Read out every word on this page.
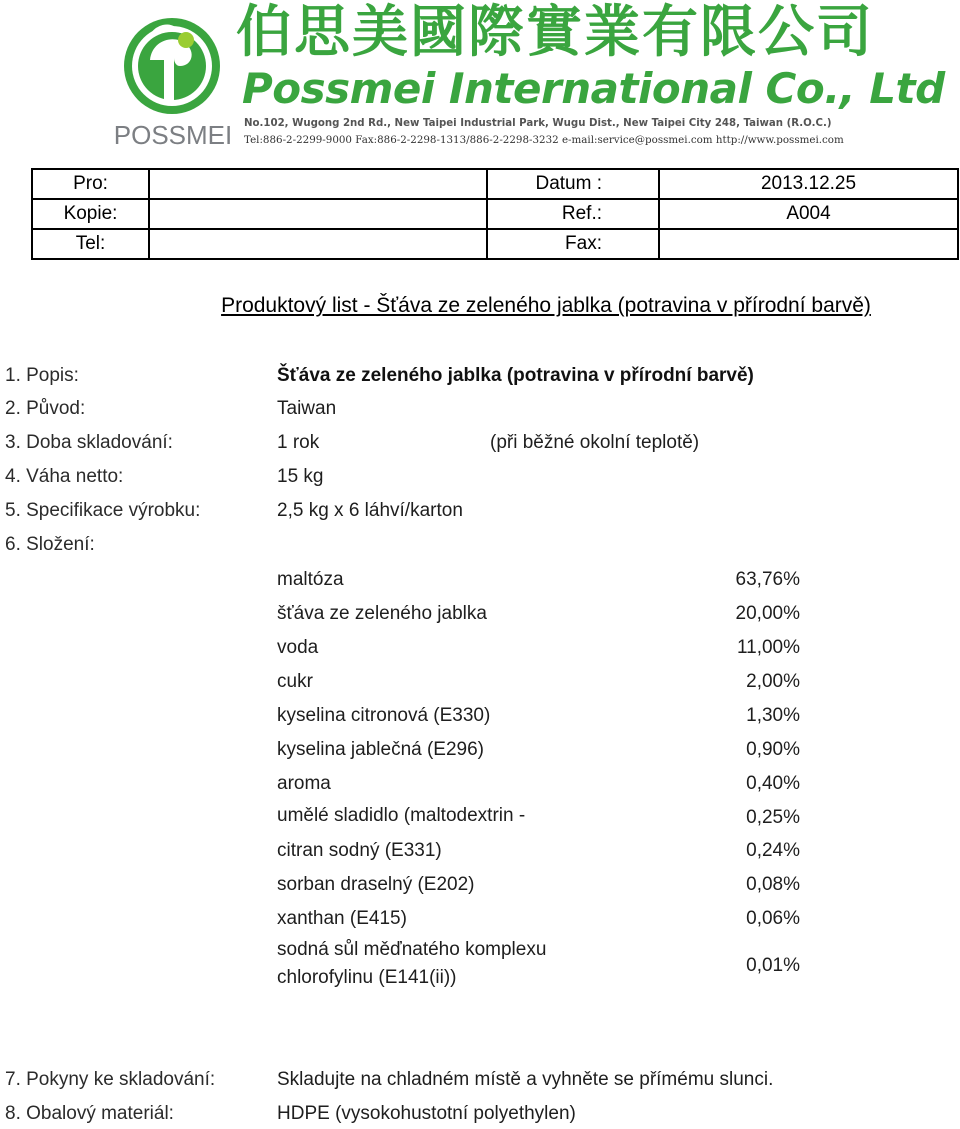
POSSMEI
伯思美國際實業有限公司
Possmei International Co., Ltd
No.102, Wugong 2nd Rd., New Taipei Industrial Park, Wugu Dist., New Taipei City 248, Taiwan (R.O.C.)
Tel:886-2-2299-9000 Fax:886-2-2298-1313/886-2-2298-3232 e-mail:service@possmei.com http://www.possmei.com
Pro:		Datum :	2013.12.25
Kopie:		Ref.:	A004
Tel:		Fax:	
Produktový list - Šťáva ze zeleného jablka (potravina v přírodní barvě)
1. Popis:	Šťáva ze zeleného jablka (potravina v přírodní barvě)
2. Původ:	Taiwan
3. Doba skladování:	1 rok	(při běžné okolní teplotě)
4. Váha netto:	15 kg
5. Specifikace výrobku:	2,5 kg x 6 láhví/karton
6. Složení:
maltóza	63,76%
šťáva ze zeleného jablka	20,00%
voda	11,00%
cukr	2,00%
kyselina citronová (E330)	1,30%
kyselina jablečná (E296)	0,90%
aroma	0,40%
umělé sladidlo (maltodextrin -	0,25%
citran sodný (E331)	0,24%
sorban draselný (E202)	0,08%
xanthan (E415)	0,06%
sodná sůl měďnatého komplexu
chlorofylinu (E141(ii))
0,01%
7. Pokyny ke skladování:	Skladujte na chladném místě a vyhněte se přímému slunci.
8. Obalový materiál:	HDPE (vysokohustotní polyethylen)
